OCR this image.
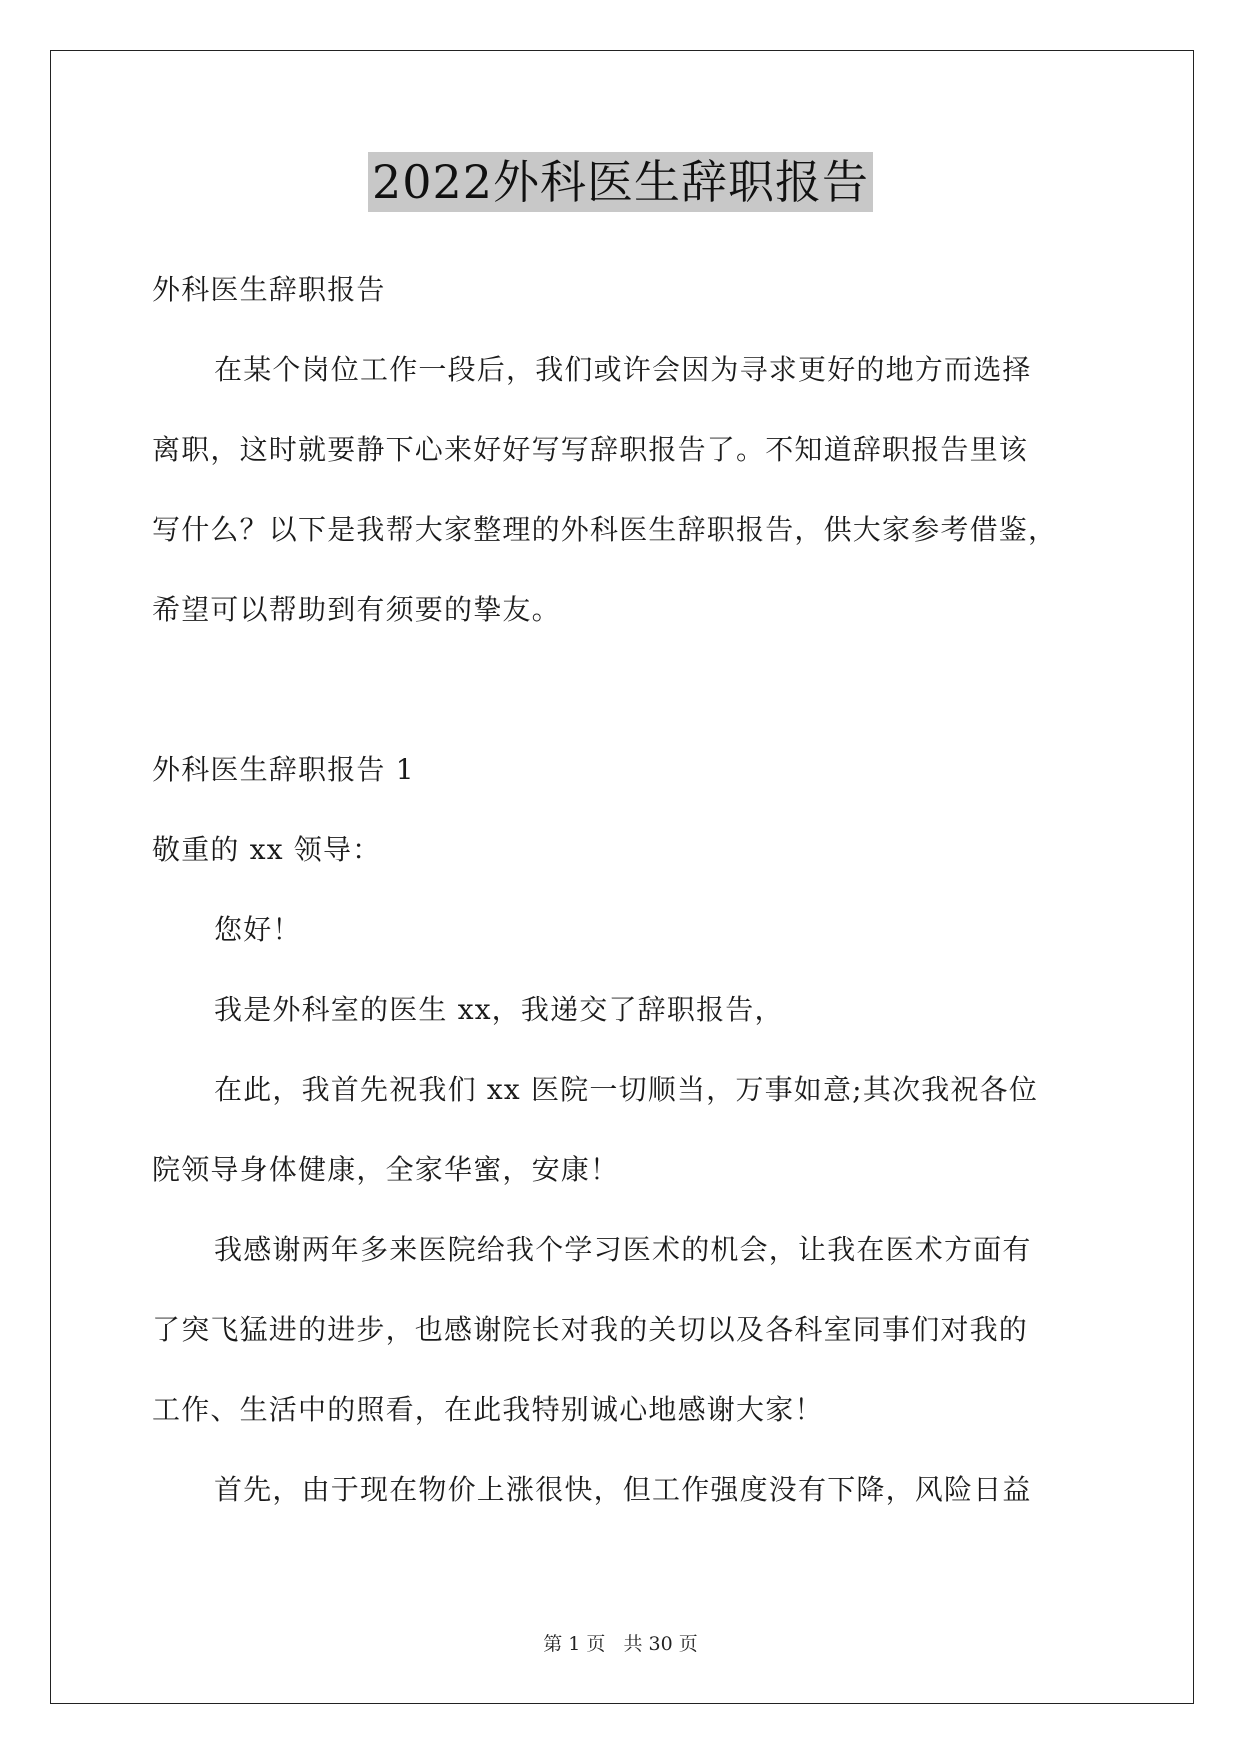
2022外科医生辞职报告
外科医生辞职报告
在某个岗位工作一段后，我们或许会因为寻求更好的地方而选择
离职，这时就要静下心来好好写写辞职报告了。不知道辞职报告里该
写什么？以下是我帮大家整理的外科医生辞职报告，供大家参考借鉴，
希望可以帮助到有须要的挚友。
外科医生辞职报告 1
敬重的 xx 领导：
您好！
我是外科室的医生 xx，我递交了辞职报告，
在此，我首先祝我们 xx 医院一切顺当，万事如意;其次我祝各位
院领导身体健康，全家华蜜，安康！
我感谢两年多来医院给我个学习医术的机会，让我在医术方面有
了突飞猛进的进步，也感谢院长对我的关切以及各科室同事们对我的
工作、生活中的照看，在此我特别诚心地感谢大家！
首先，由于现在物价上涨很快，但工作强度没有下降，风险日益
第 1 页 共 30 页
